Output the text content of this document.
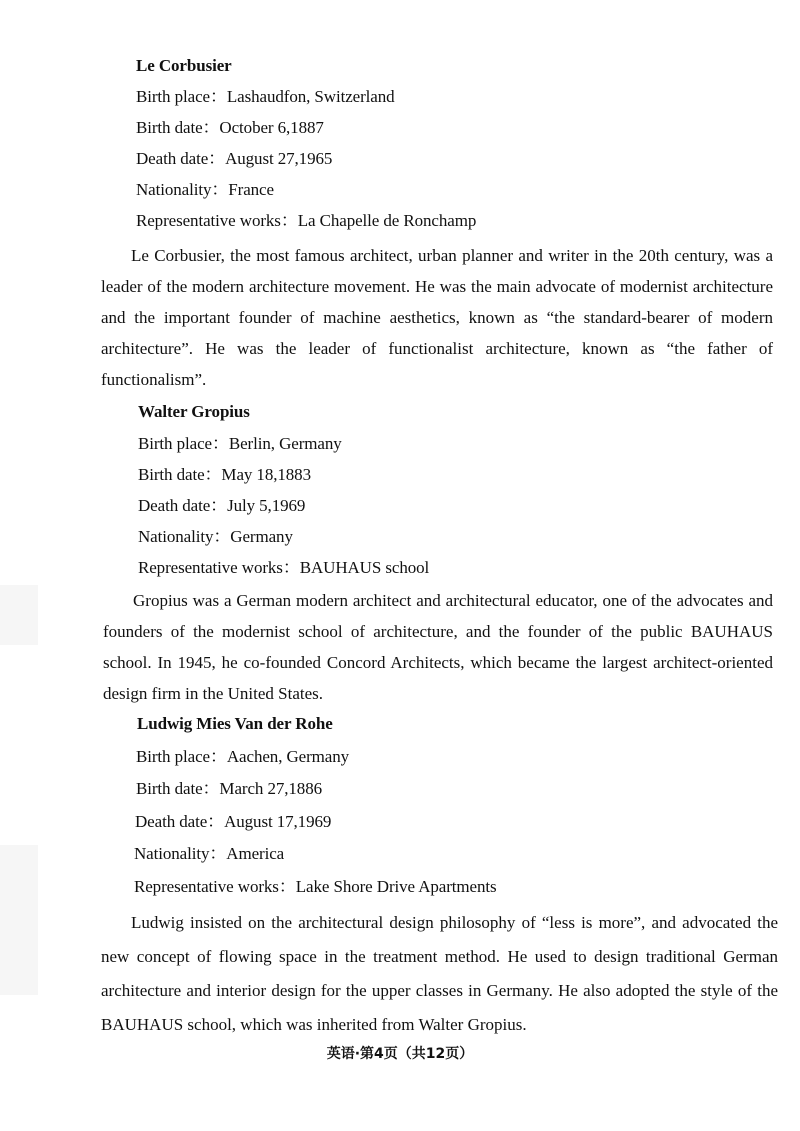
Le Corbusier
Birth place：Lashaudfon, Switzerland
Birth date：October 6,1887
Death date：August 27,1965
Nationality：France
Representative works：La Chapelle de Ronchamp
Le Corbusier, the most famous architect, urban planner and writer in the 20th century, was a leader of the modern architecture movement. He was the main advocate of modernist architecture and the important founder of machine aesthetics, known as “the standard-bearer of modern architecture”. He was the leader of functionalist architecture, known as “the father of functionalism”.
Walter Gropius
Birth place：Berlin, Germany
Birth date：May 18,1883
Death date：July 5,1969
Nationality：Germany
Representative works：BAUHAUS school
Gropius was a German modern architect and architectural educator, one of the advocates and founders of the modernist school of architecture, and the founder of the public BAUHAUS school. In 1945, he co-founded Concord Architects, which became the largest architect-oriented design firm in the United States.
Ludwig Mies Van der Rohe
Birth place：Aachen, Germany
Birth date：March 27,1886
Death date：August 17,1969
Nationality：America
Representative works：Lake Shore Drive Apartments
Ludwig insisted on the architectural design philosophy of “less is more”, and advocated the new concept of flowing space in the treatment method. He used to design traditional German architecture and interior design for the upper classes in Germany. He also adopted the style of the BAUHAUS school, which was inherited from Walter Gropius.
英语·第4页（共12页）
